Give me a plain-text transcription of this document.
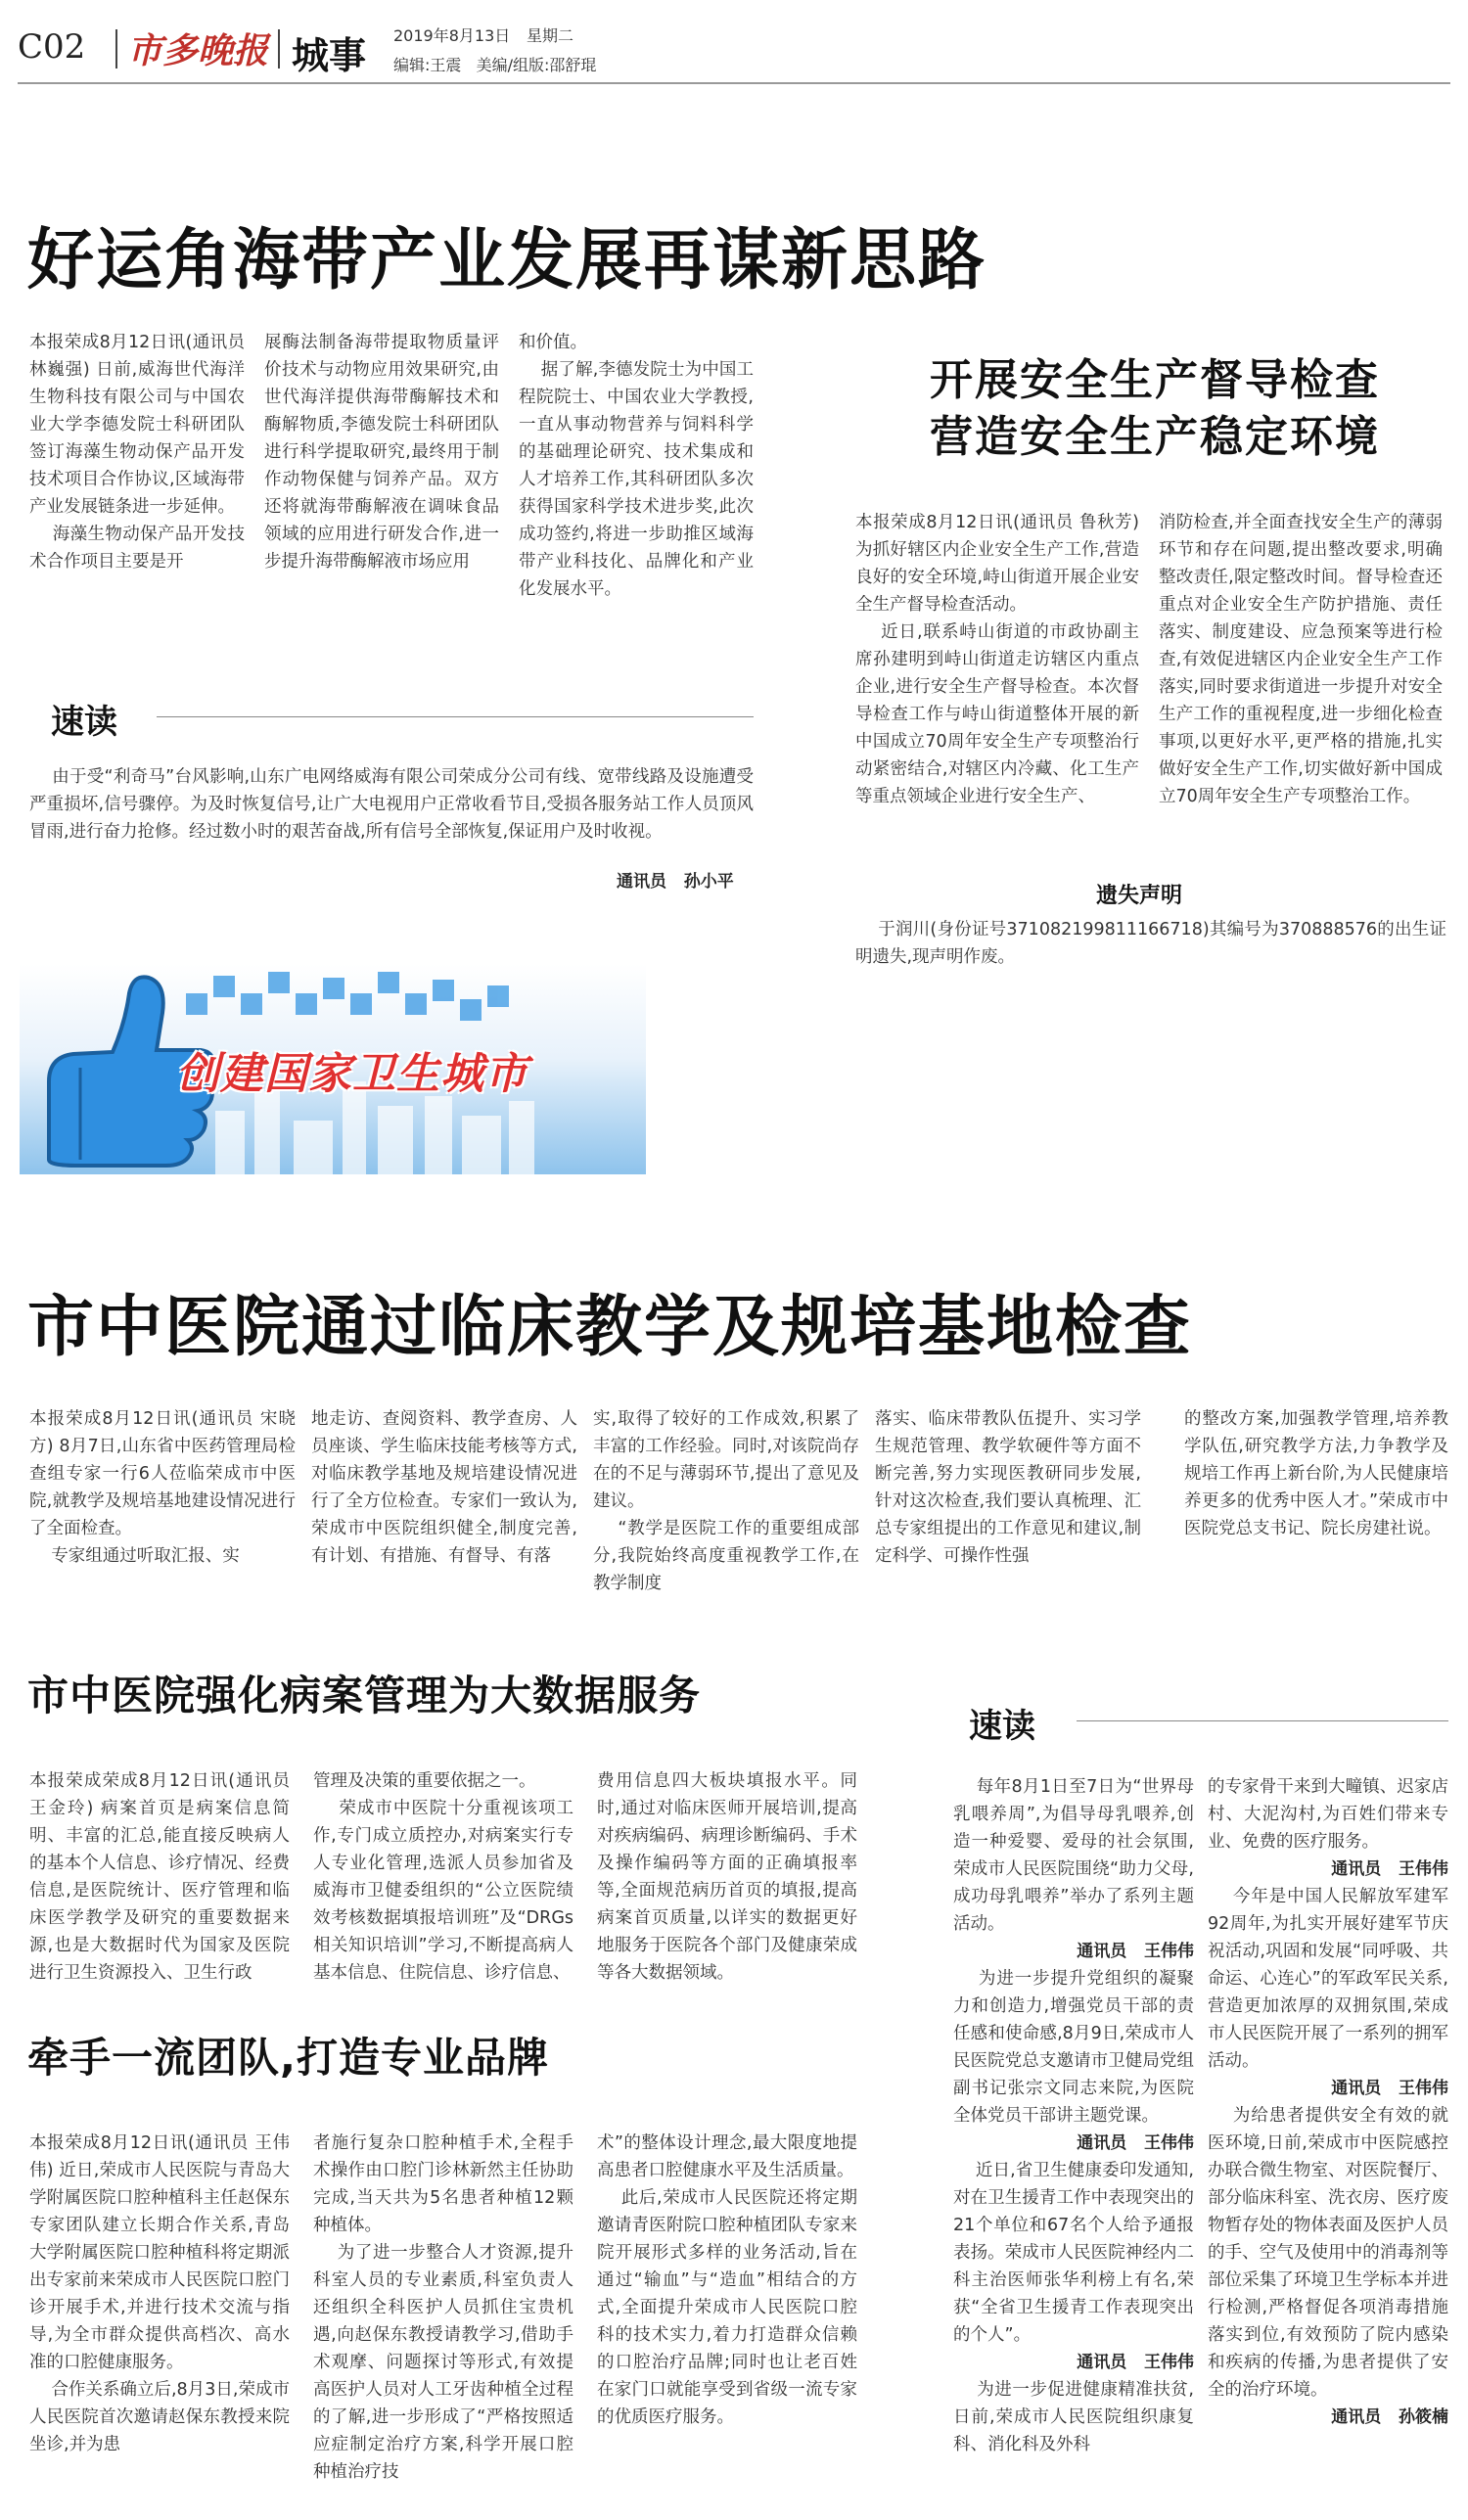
C02 市多晚报 城事 2019年8月13日 星期二
编辑:王震   美编/组版:邵舒琨
好运角海带产业发展再谋新思路
本报荣成8月12日讯(通讯员 林巍强) 日前,威海世代海洋生物科技有限公司与中国农业大学李德发院士科研团队签订海藻生物动保产品开发技术项目合作协议,区域海带产业发展链条进一步延伸。
海藻生物动保产品开发技术合作项目主要是开
展酶法制备海带提取物质量评价技术与动物应用效果研究,由世代海洋提供海带酶解技术和酶解物质,李德发院士科研团队进行科学提取研究,最终用于制作动物保健与饲养产品。双方还将就海带酶解液在调味食品领域的应用进行研发合作,进一步提升海带酶解液市场应用
和价值。
据了解,李德发院士为中国工程院院士、中国农业大学教授,一直从事动物营养与饲料科学的基础理论研究、技术集成和人才培养工作,其科研团队多次获得国家科学技术进步奖,此次成功签约,将进一步助推区域海带产业科技化、品牌化和产业化发展水平。
开展安全生产督导检查
营造安全生产稳定环境
本报荣成8月12日讯(通讯员 鲁秋芳) 为抓好辖区内企业安全生产工作,营造良好的安全环境,峙山街道开展企业安全生产督导检查活动。
近日,联系峙山街道的市政协副主席孙建明到峙山街道走访辖区内重点企业,进行安全生产督导检查。本次督导检查工作与峙山街道整体开展的新中国成立70周年安全生产专项整治行动紧密结合,对辖区内冷藏、化工生产等重点领域企业进行安全生产、
消防检查,并全面查找安全生产的薄弱环节和存在问题,提出整改要求,明确整改责任,限定整改时间。督导检查还重点对企业安全生产防护措施、责任落实、制度建设、应急预案等进行检查,有效促进辖区内企业安全生产工作落实,同时要求街道进一步提升对安全生产工作的重视程度,进一步细化检查事项,以更好水平,更严格的措施,扎实做好安全生产工作,切实做好新中国成立70周年安全生产专项整治工作。
速读
由于受“利奇马”台风影响,山东广电网络威海有限公司荣成分公司有线、宽带线路及设施遭受严重损坏,信号骤停。为及时恢复信号,让广大电视用户正常收看节目,受损各服务站工作人员顶风冒雨,进行奋力抢修。经过数小时的艰苦奋战,所有信号全部恢复,保证用户及时收视。
通讯员   孙小平
遗失声明
于润川(身份证号371082199811166718)其编号为370888576的出生证明遗失,现声明作废。
创建国家卫生城市
市中医院通过临床教学及规培基地检查
本报荣成8月12日讯(通讯员 宋晓方) 8月7日,山东省中医药管理局检查组专家一行6人莅临荣成市中医院,就教学及规培基地建设情况进行了全面检查。
专家组通过听取汇报、实
地走访、查阅资料、教学查房、人员座谈、学生临床技能考核等方式,对临床教学基地及规培建设情况进行了全方位检查。专家们一致认为,荣成市中医院组织健全,制度完善,有计划、有措施、有督导、有落
实,取得了较好的工作成效,积累了丰富的工作经验。同时,对该院尚存在的不足与薄弱环节,提出了意见及建议。
“教学是医院工作的重要组成部分,我院始终高度重视教学工作,在教学制度
落实、临床带教队伍提升、实习学生规范管理、教学软硬件等方面不断完善,努力实现医教研同步发展,针对这次检查,我们要认真梳理、汇总专家组提出的工作意见和建议,制定科学、可操作性强
的整改方案,加强教学管理,培养教学队伍,研究教学方法,力争教学及规培工作再上新台阶,为人民健康培养更多的优秀中医人才。”荣成市中医院党总支书记、院长房建社说。
市中医院强化病案管理为大数据服务
本报荣成荣成8月12日讯(通讯员 王金玲) 病案首页是病案信息简明、丰富的汇总,能直接反映病人的基本个人信息、诊疗情况、经费信息,是医院统计、医疗管理和临床医学教学及研究的重要数据来源,也是大数据时代为国家及医院进行卫生资源投入、卫生行政
管理及决策的重要依据之一。
荣成市中医院十分重视该项工作,专门成立质控办,对病案实行专人专业化管理,选派人员参加省及威海市卫健委组织的“公立医院绩效考核数据填报培训班”及“DRGs相关知识培训”学习,不断提高病人基本信息、住院信息、诊疗信息、
费用信息四大板块填报水平。同时,通过对临床医师开展培训,提高对疾病编码、病理诊断编码、手术及操作编码等方面的正确填报率等,全面规范病历首页的填报,提高病案首页质量,以详实的数据更好地服务于医院各个部门及健康荣成等各大数据领域。
牵手一流团队,打造专业品牌
本报荣成8月12日讯(通讯员 王伟伟) 近日,荣成市人民医院与青岛大学附属医院口腔种植科主任赵保东专家团队建立长期合作关系,青岛大学附属医院口腔种植科将定期派出专家前来荣成市人民医院口腔门诊开展手术,并进行技术交流与指导,为全市群众提供高档次、高水准的口腔健康服务。
合作关系确立后,8月3日,荣成市人民医院首次邀请赵保东教授来院坐诊,并为患
者施行复杂口腔种植手术,全程手术操作由口腔门诊林新然主任协助完成,当天共为5名患者种植12颗种植体。
为了进一步整合人才资源,提升科室人员的专业素质,科室负责人还组织全科医护人员抓住宝贵机遇,向赵保东教授请教学习,借助手术观摩、问题探讨等形式,有效提高医护人员对人工牙齿种植全过程的了解,进一步形成了“严格按照适应症制定治疗方案,科学开展口腔种植治疗技
术”的整体设计理念,最大限度地提高患者口腔健康水平及生活质量。
此后,荣成市人民医院还将定期邀请青医附院口腔种植团队专家来院开展形式多样的业务活动,旨在通过“输血”与“造血”相结合的方式,全面提升荣成市人民医院口腔科的技术实力,着力打造群众信赖的口腔治疗品牌;同时也让老百姓在家门口就能享受到省级一流专家的优质医疗服务。
速读
每年8月1日至7日为“世界母乳喂养周”,为倡导母乳喂养,创造一种爱婴、爱母的社会氛围,荣成市人民医院围绕“助力父母,成功母乳喂养”举办了系列主题活动。
通讯员   王伟伟
为进一步提升党组织的凝聚力和创造力,增强党员干部的责任感和使命感,8月9日,荣成市人民医院党总支邀请市卫健局党组副书记张宗文同志来院,为医院全体党员干部讲主题党课。
通讯员   王伟伟
近日,省卫生健康委印发通知,对在卫生援青工作中表现突出的21个单位和67名个人给予通报表扬。荣成市人民医院神经内二科主治医师张华利榜上有名,荣获“全省卫生援青工作表现突出的个人”。
通讯员   王伟伟
为进一步促进健康精准扶贫,日前,荣成市人民医院组织康复科、消化科及外科
的专家骨干来到大疃镇、迟家店村、大泥沟村,为百姓们带来专业、免费的医疗服务。
通讯员   王伟伟
今年是中国人民解放军建军92周年,为扎实开展好建军节庆祝活动,巩固和发展“同呼吸、共命运、心连心”的军政军民关系,营造更加浓厚的双拥氛围,荣成市人民医院开展了一系列的拥军活动。
通讯员   王伟伟
为给患者提供安全有效的就医环境,日前,荣成市中医院感控办联合微生物室、对医院餐厅、部分临床科室、洗衣房、医疗废物暂存处的物体表面及医护人员的手、空气及使用中的消毒剂等部位采集了环境卫生学标本并进行检测,严格督促各项消毒措施落实到位,有效预防了院内感染和疾病的传播,为患者提供了安全的治疗环境。
通讯员   孙筱楠
